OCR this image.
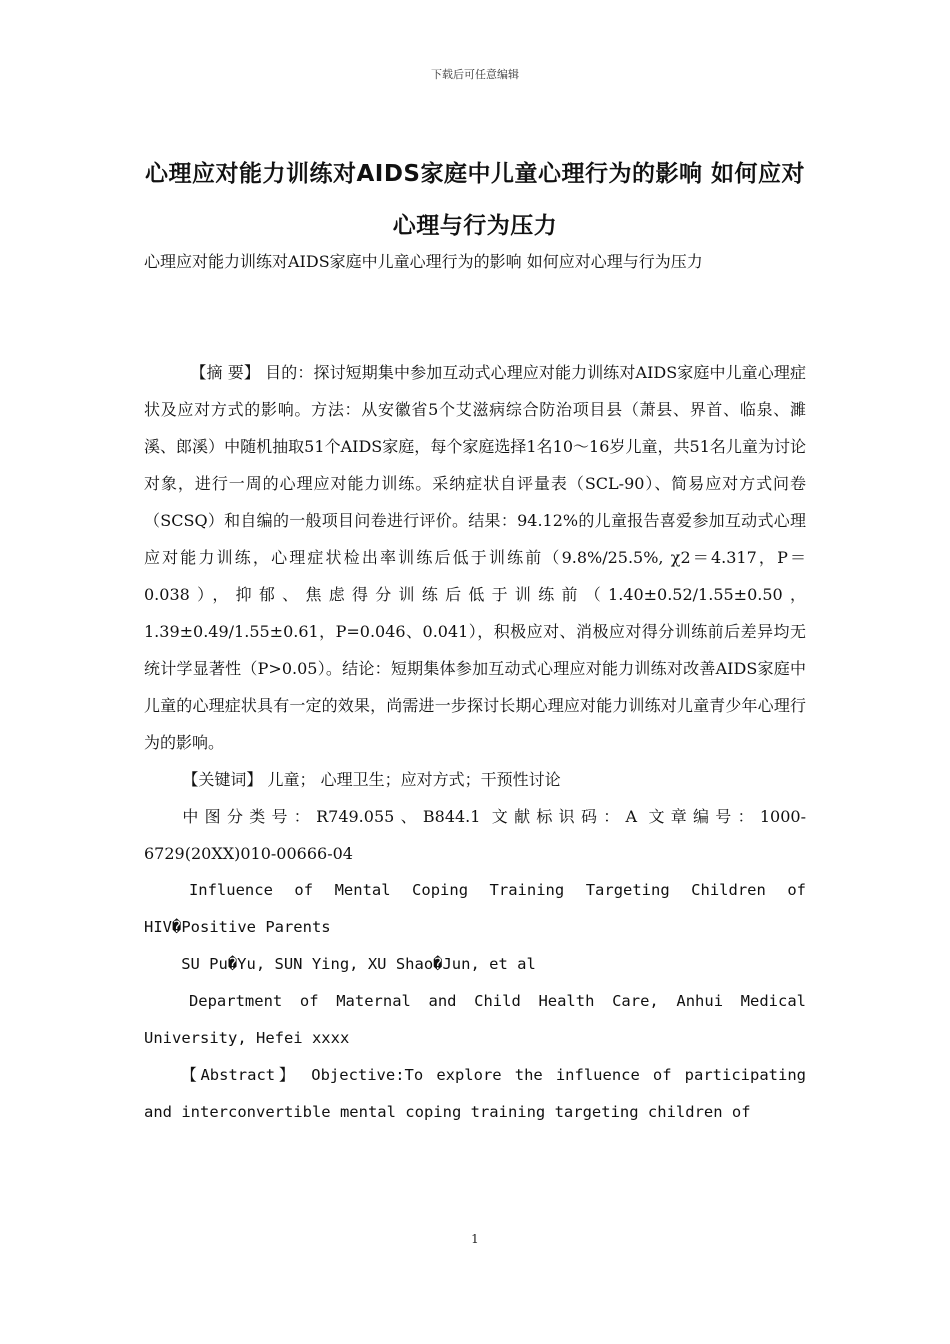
下载后可任意编辑
心理应对能力训练对AIDS家庭中儿童心理行为的影响 如何应对心理与行为压力
心理应对能力训练对AIDS家庭中儿童心理行为的影响 如何应对心理与行为压力

【摘 要】 目的：探讨短期集中参加互动式心理应对能力训练对AIDS家庭中儿童心理症状及应对方式的影响。方法：从安徽省5个艾滋病综合防治项目县（萧县、界首、临泉、濉溪、郎溪）中随机抽取51个AIDS家庭，每个家庭选择1名10～16岁儿童，共51名儿童为讨论对象，进行一周的心理应对能力训练。采纳症状自评量表（SCL-90）、简易应对方式问卷（SCSQ）和自编的一般项目问卷进行评价。结果：94.12%的儿童报告喜爱参加互动式心理应对能力训练，心理症状检出率训练后低于训练前（9.8%/25.5%, χ2＝4.317，P＝0.038），抑郁、焦虑得分训练后低于训练前（1.40±0.52/1.55±0.50，1.39±0.49/1.55±0.61，P=0.046、0.041），积极应对、消极应对得分训练前后差异均无统计学显著性（P>0.05）。结论：短期集体参加互动式心理应对能力训练对改善AIDS家庭中儿童的心理症状具有一定的效果，尚需进一步探讨长期心理应对能力训练对儿童青少年心理行为的影响。

【关键词】 儿童； 心理卫生；应对方式；干预性讨论

中图分类号：R749.055、B844.1 文献标识码：A 文章编号：1000-6729(20XX)010-00666-04

Influence of Mental Coping Training Targeting Children of HIV�Positive Parents

SU Pu�Yu, SUN Ying, XU Shao�Jun, et al

Department of Maternal and Child Health Care, Anhui Medical University, Hefei xxxx

【Abstract】 Objective:To explore the influence of participating and interconvertible mental coping training targeting children of

1
